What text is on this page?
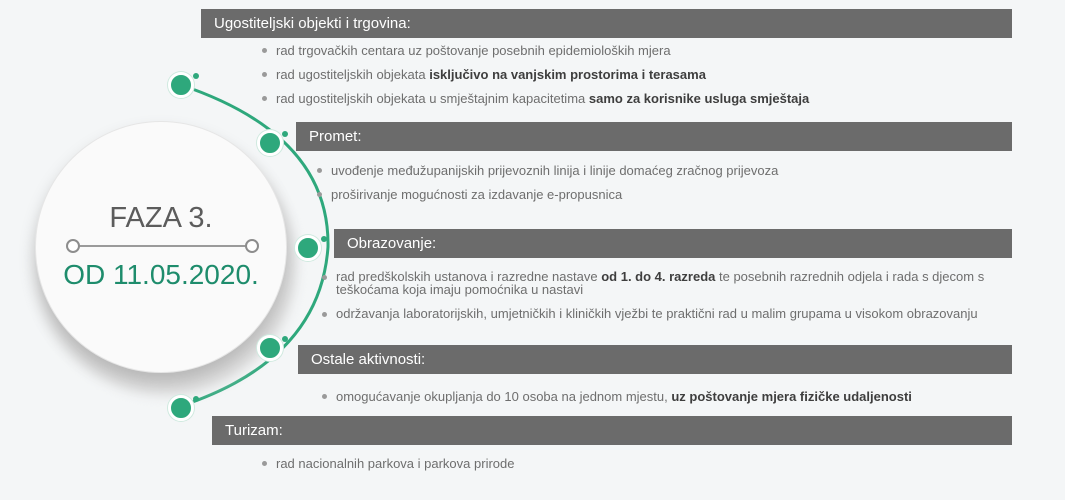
FAZA 3.
OD 11.05.2020.
Ugostiteljski objekti i trgovina:
rad trgovačkih centara uz poštovanje posebnih epidemioloških mjera
rad ugostiteljskih objekata isključivo na vanjskim prostorima i terasama
rad ugostiteljskih objekata u smještajnim kapacitetima samo za korisnike usluga smještaja
Promet:
uvođenje međužupanijskih prijevoznih linija i linije domaćeg zračnog prijevoza
proširivanje mogućnosti za izdavanje e-propusnica
Obrazovanje:
rad predškolskih ustanova i razredne nastave od 1. do 4. razreda te posebnih razrednih odjela i rada s djecom s teškoćama koja imaju pomoćnika u nastavi
održavanja laboratorijskih, umjetničkih i kliničkih vježbi te praktični rad u malim grupama u visokom obrazovanju
Ostale aktivnosti:
omogućavanje okupljanja do 10 osoba na jednom mjestu, uz poštovanje mjera fizičke udaljenosti
Turizam:
rad nacionalnih parkova i parkova prirode
